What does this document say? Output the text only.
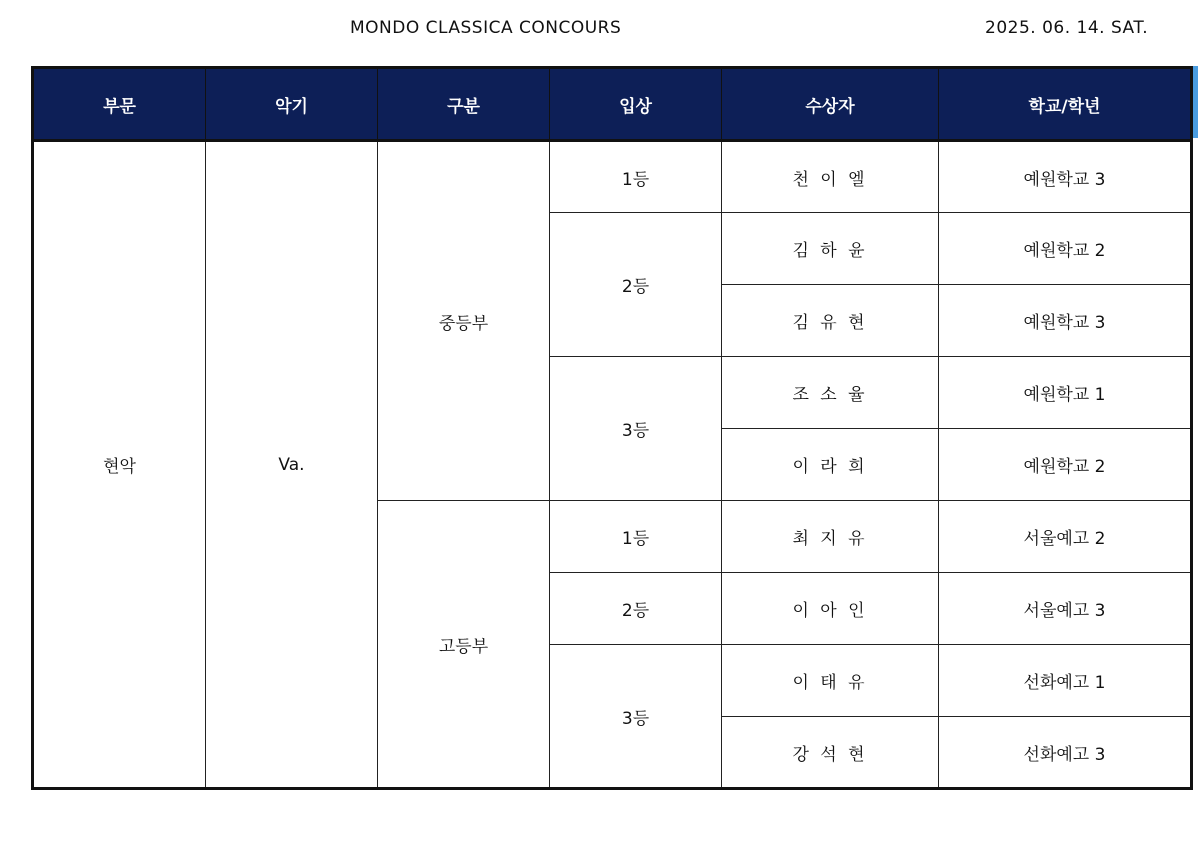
MONDO CLASSICA CONCOURS	2025. 06. 14. SAT.
부문	악기	구분	입상	수상자	학교/학년
현악	Va.	중등부	1등	천 이 엘	예원학교 3
			2등	김 하 윤	예원학교 2
				김 유 현	예원학교 3
			3등	조 소 율	예원학교 1
				이 라 희	예원학교 2
		고등부	1등	최 지 유	서울예고 2
			2등	이 아 인	서울예고 3
			3등	이 태 유	선화예고 1
				강 석 현	선화예고 3
